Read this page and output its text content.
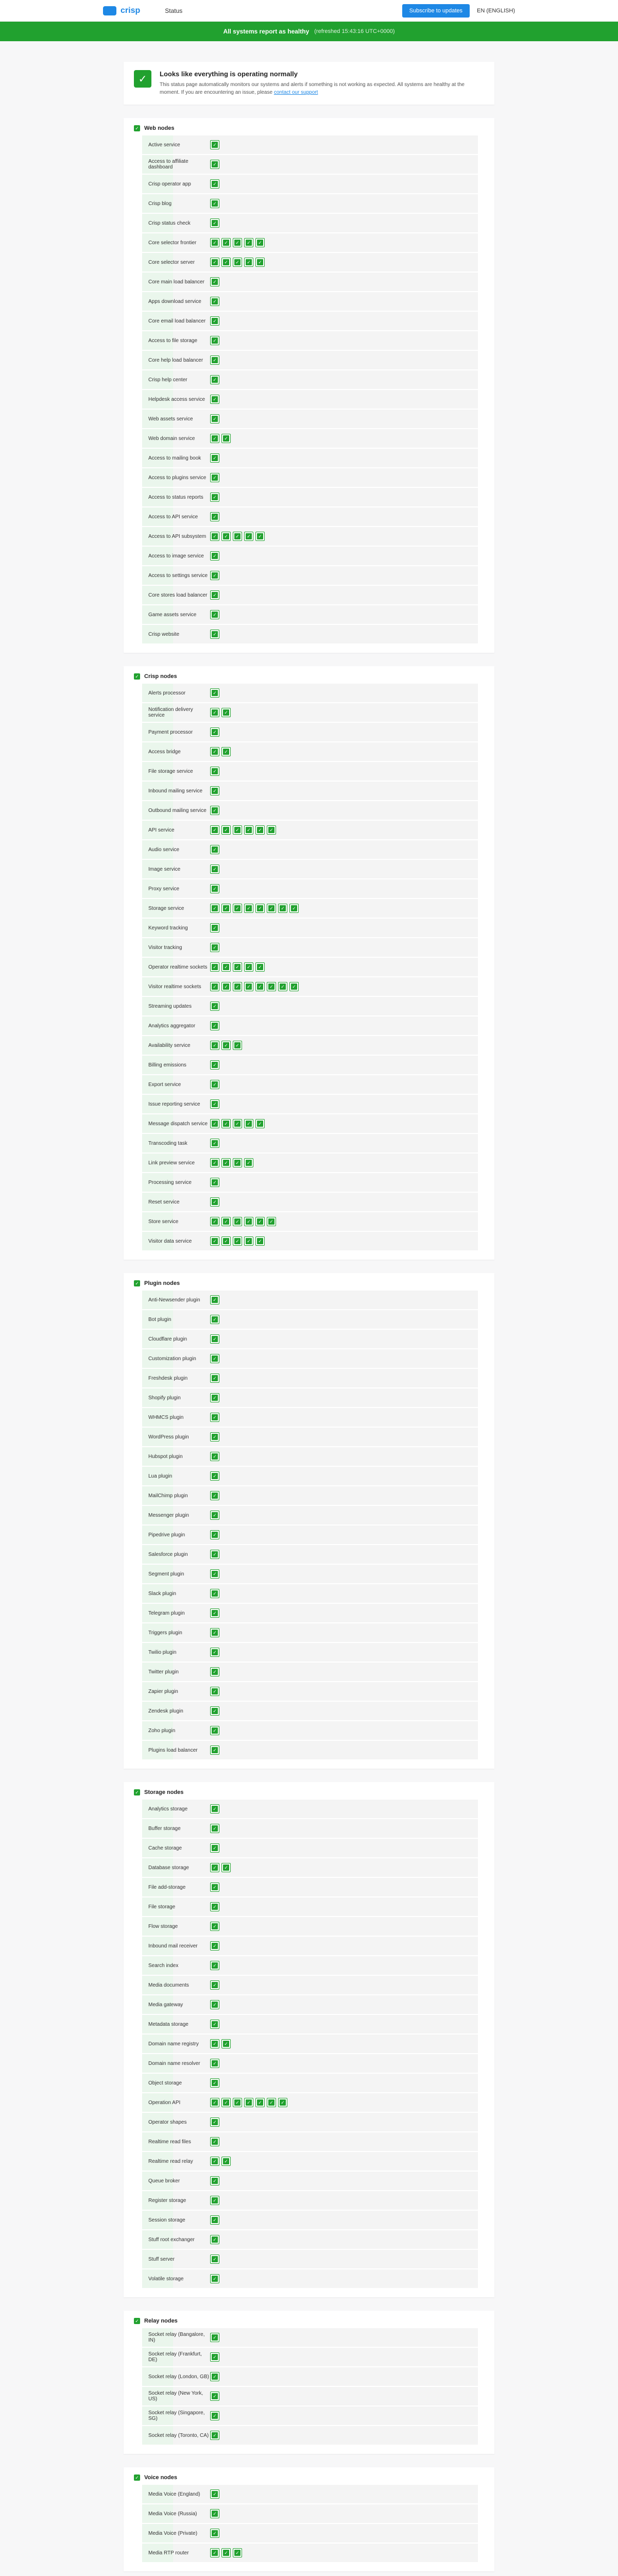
crisp	Status	Subscribe to updates	EN (ENGLISH)
All systems report as healthy (refreshed 15:43:16 UTC+0000)
✓	Looks like everything is operating normally
This status page automatically monitors our systems and alerts if something is not working as expected. All systems are healthy at the moment. If you are encountering an issue, please contact our support
✓ Web nodes
Active service
✓
Access to affiliate dashboard
✓
Crisp operator app
✓
Crisp blog
✓
Crisp status check
✓
Core selector frontier
✓
✓
✓
✓
✓
Core selector server
✓
✓
✓
✓
✓
Core main load balancer
✓
Apps download service
✓
Core email load balancer
✓
Access to file storage
✓
Core help load balancer
✓
Crisp help center
✓
Helpdesk access service
✓
Web assets service
✓
Web domain service
✓
✓
Access to mailing book
✓
Access to plugins service
✓
Access to status reports
✓
Access to API service
✓
Access to API subsystem
✓
✓
✓
✓
✓
Access to image service
✓
Access to settings service
✓
Core stores load balancer
✓
Game assets service
✓
Crisp website
✓
✓ Crisp nodes
Alerts processor
✓
Notification delivery service
✓
✓
Payment processor
✓
Access bridge
✓
✓
File storage service
✓
Inbound mailing service
✓
Outbound mailing service
✓
API service
✓
✓
✓
✓
✓
✓
Audio service
✓
Image service
✓
Proxy service
✓
Storage service
✓
✓
✓
✓
✓
✓
✓
✓
Keyword tracking
✓
Visitor tracking
✓
Operator realtime sockets
✓
✓
✓
✓
✓
Visitor realtime sockets
✓
✓
✓
✓
✓
✓
✓
✓
Streaming updates
✓
Analytics aggregator
✓
Availability service
✓
✓
✓
Billing emissions
✓
Export service
✓
Issue reporting service
✓
Message dispatch service
✓
✓
✓
✓
✓
Transcoding task
✓
Link preview service
✓
✓
✓
✓
Processing service
✓
Reset service
✓
Store service
✓
✓
✓
✓
✓
✓
Visitor data service
✓
✓
✓
✓
✓
✓ Plugin nodes
Anti-Newsender plugin
✓
Bot plugin
✓
Cloudflare plugin
✓
Customization plugin
✓
Freshdesk plugin
✓
Shopify plugin
✓
WHMCS plugin
✓
WordPress plugin
✓
Hubspot plugin
✓
Lua plugin
✓
MailChimp plugin
✓
Messenger plugin
✓
Pipedrive plugin
✓
Salesforce plugin
✓
Segment plugin
✓
Slack plugin
✓
Telegram plugin
✓
Triggers plugin
✓
Twilio plugin
✓
Twitter plugin
✓
Zapier plugin
✓
Zendesk plugin
✓
Zoho plugin
✓
Plugins load balancer
✓
✓ Storage nodes
Analytics storage
✓
Buffer storage
✓
Cache storage
✓
Database storage
✓
✓
File add-storage
✓
File storage
✓
Flow storage
✓
Inbound mail receiver
✓
Search index
✓
Media documents
✓
Media gateway
✓
Metadata storage
✓
Domain name registry
✓
✓
Domain name resolver
✓
Object storage
✓
Operation API
✓
✓
✓
✓
✓
✓
✓
Operator shapes
✓
Realtime read files
✓
Realtime read relay
✓
✓
Queue broker
✓
Register storage
✓
Session storage
✓
Stuff root exchanger
✓
Stuff server
✓
Volatile storage
✓
✓ Relay nodes
Socket relay (Bangalore, IN)
✓
Socket relay (Frankfurt, DE)
✓
Socket relay (London, GB)
✓
Socket relay (New York, US)
✓
Socket relay (Singapore, SG)
✓
Socket relay (Toronto, CA)
✓
✓ Voice nodes
Media Voice (England)
✓
Media Voice (Russia)
✓
Media Voice (Private)
✓
Media RTP router
✓
✓
✓
